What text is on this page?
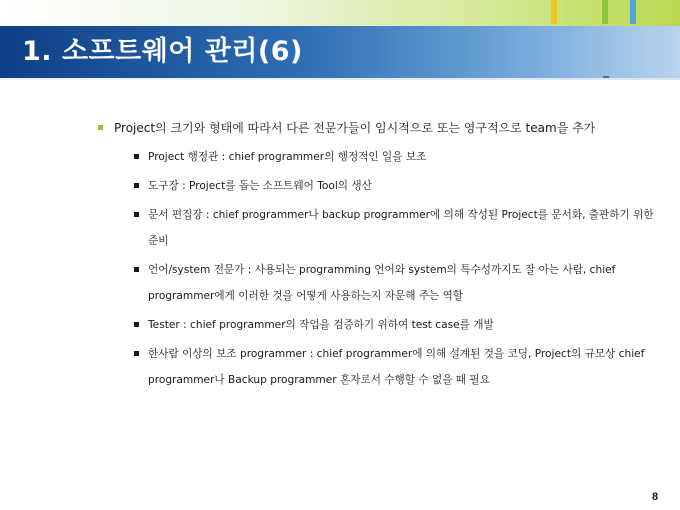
1. 소프트웨어 관리(6)
Project의 크기와 형태에 따라서 다른 전문가들이 임시적으로 또는 영구적으로 team을 추가
Project 행정관 : chief programmer의 행정적인 일을 보조
도구장 : Project를 돕는 소프트웨어 Tool의 생산
문서 편집장 : chief programmer나 backup programmer에 의해 작성된 Project를 문서화, 출판하기 위한 준비
언어/system 전문가 : 사용되는 programming 언어와 system의 특수성까지도 잘 아는 사람, chief programmer에게 이러한 것을 어떻게 사용하는지 자문해 주는 역할
Tester : chief programmer의 작업을 검증하기 위하여 test case를 개발
한사람 이상의 보조 programmer : chief programmer에 의해 설계된 것을 코딩, Project의 규모상 chief programmer나 Backup programmer 혼자로서 수행할 수 없을 때 필요
8
